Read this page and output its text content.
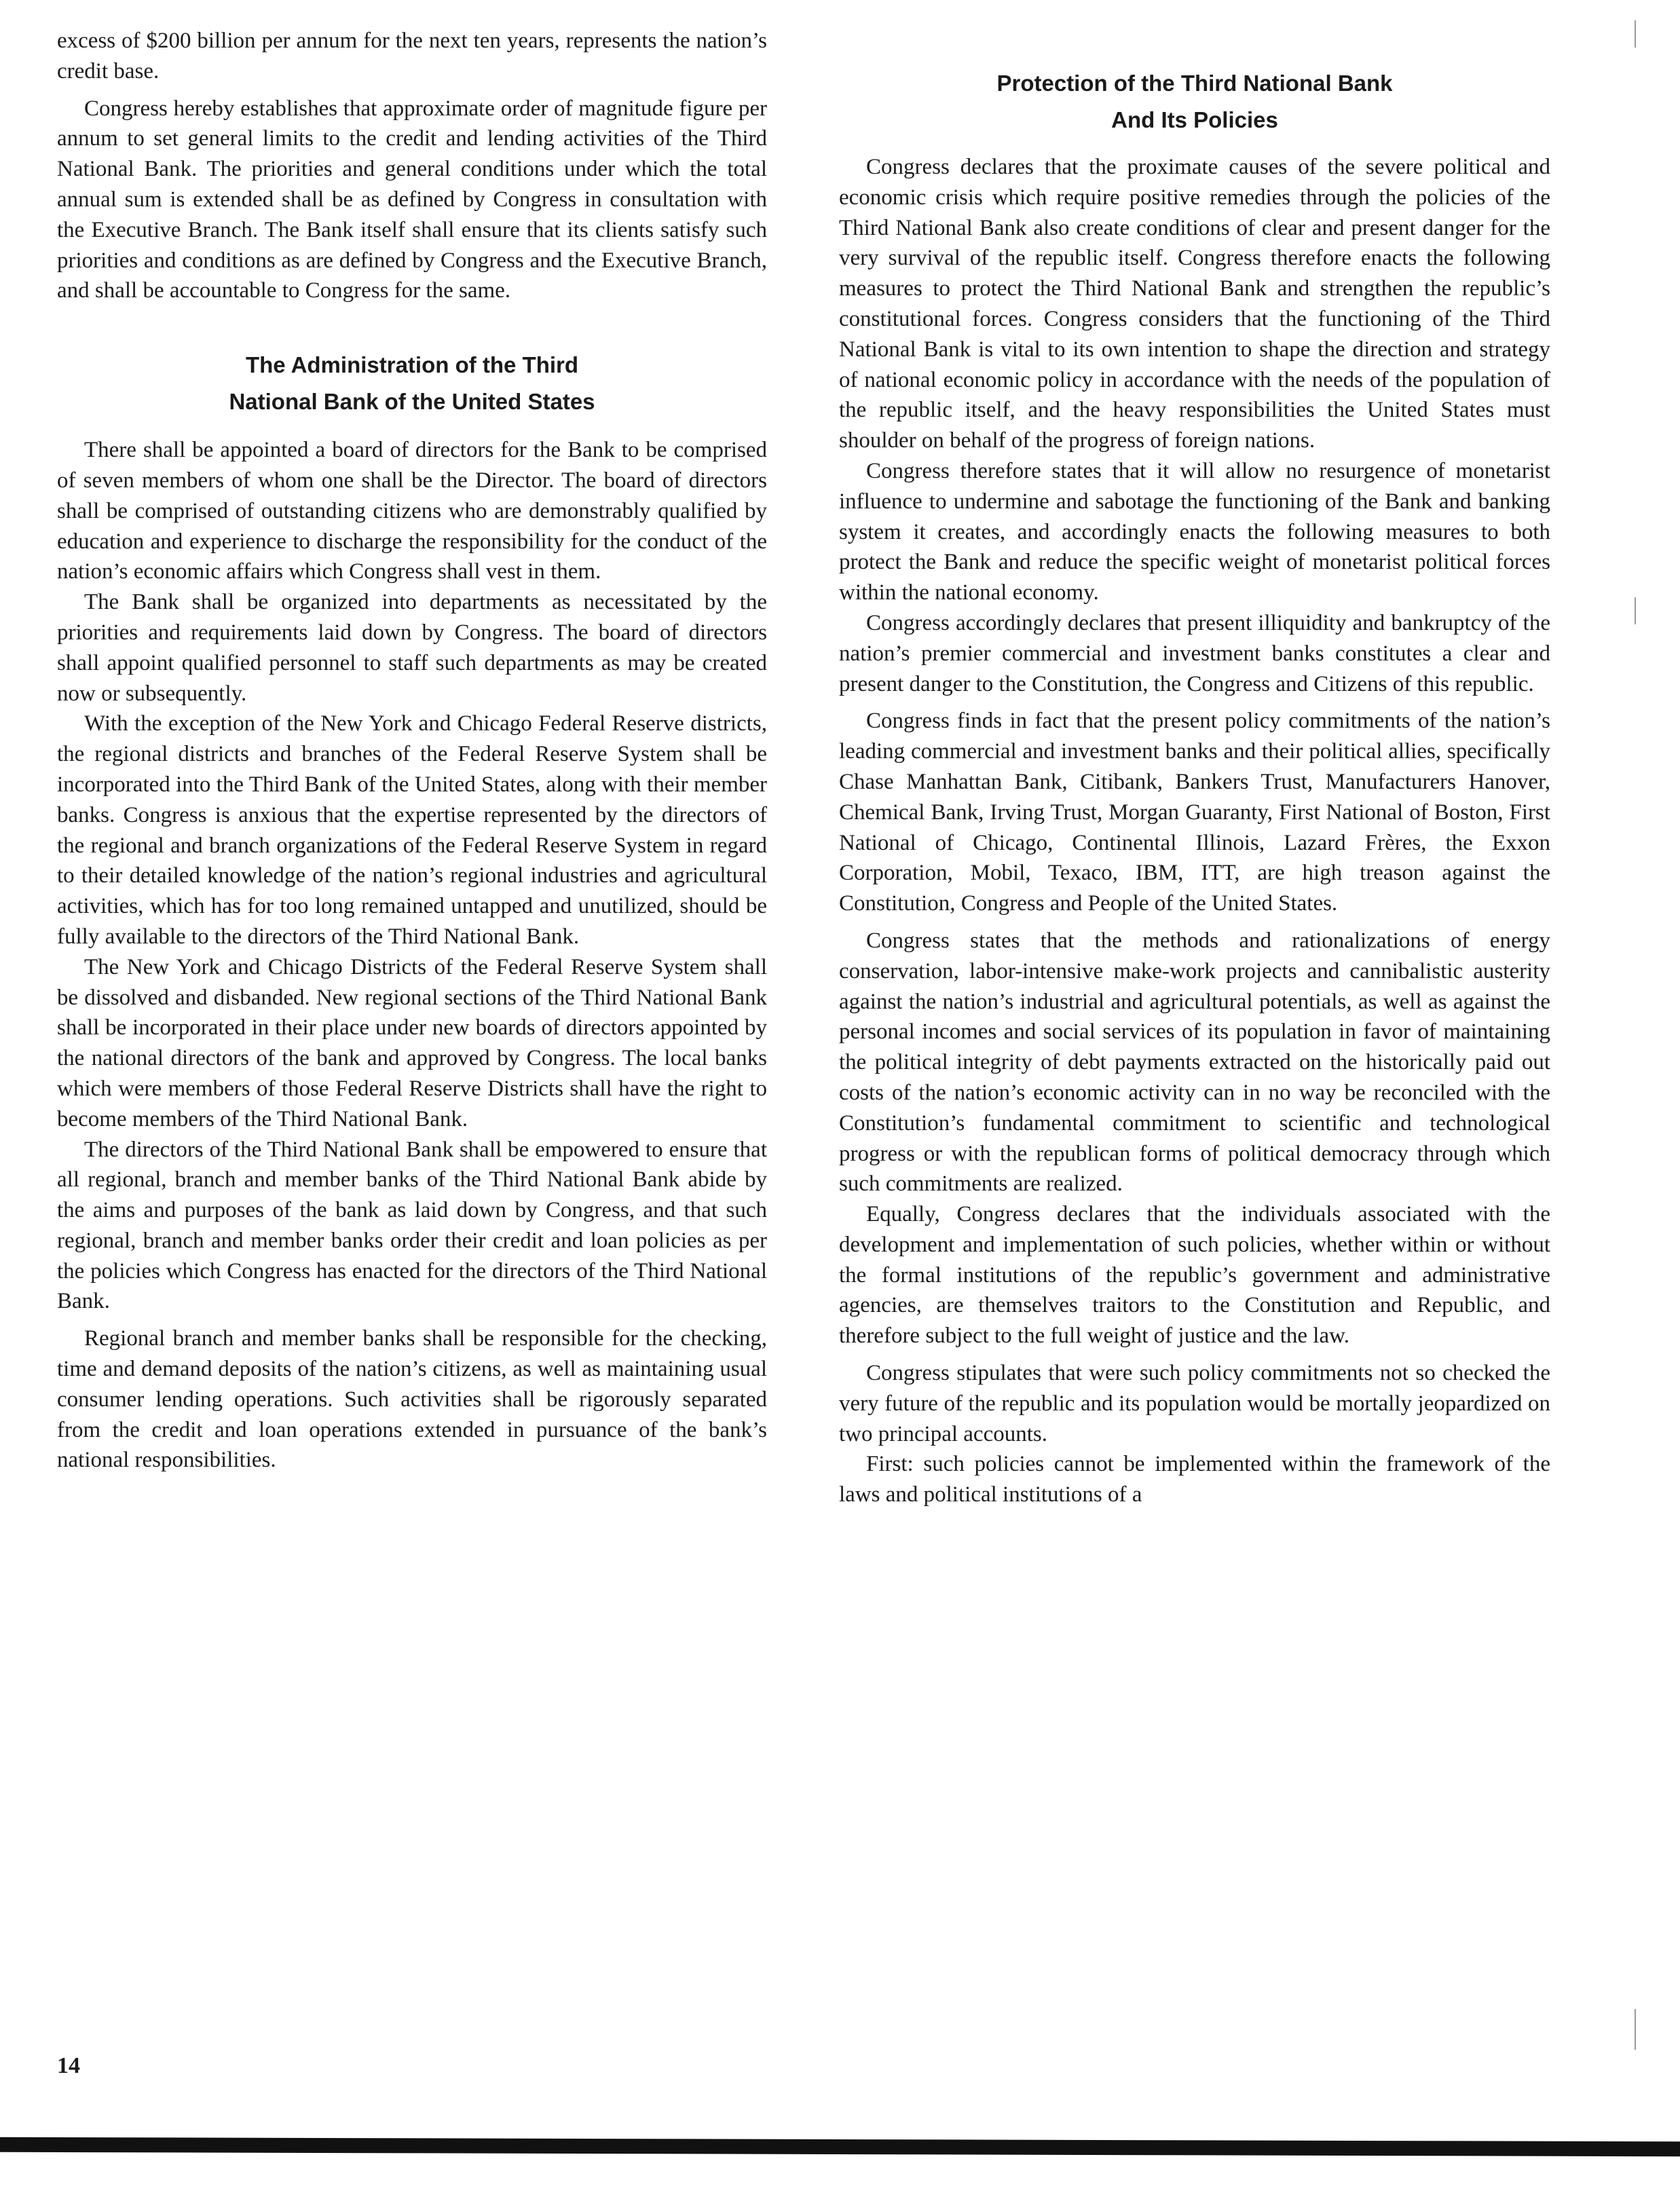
excess of $200 billion per annum for the next ten years, represents the nation’s credit base.

Congress hereby establishes that approximate order of magnitude figure per annum to set general limits to the credit and lending activities of the Third National Bank. The priorities and general conditions under which the total annual sum is extended shall be as defined by Congress in consultation with the Executive Branch. The Bank itself shall ensure that its clients satisfy such priorities and conditions as are defined by Congress and the Executive Branch, and shall be accountable to Congress for the same.

The Administration of the Third
National Bank of the United States

There shall be appointed a board of directors for the Bank to be comprised of seven members of whom one shall be the Director. The board of directors shall be comprised of outstanding citizens who are demonstrably qualified by education and experience to discharge the responsibility for the conduct of the nation’s economic affairs which Congress shall vest in them.

The Bank shall be organized into departments as necessitated by the priorities and requirements laid down by Congress. The board of directors shall appoint qualified personnel to staff such departments as may be created now or subsequently.

With the exception of the New York and Chicago Federal Reserve districts, the regional districts and branches of the Federal Reserve System shall be incorporated into the Third Bank of the United States, along with their member banks. Congress is anxious that the expertise represented by the directors of the regional and branch organizations of the Federal Reserve System in regard to their detailed knowledge of the nation’s regional industries and agricultural activities, which has for too long remained untapped and unutilized, should be fully available to the directors of the Third National Bank.

The New York and Chicago Districts of the Federal Reserve System shall be dissolved and disbanded. New regional sections of the Third National Bank shall be incorporated in their place under new boards of directors appointed by the national directors of the bank and approved by Congress. The local banks which were members of those Federal Reserve Districts shall have the right to become members of the Third National Bank.

The directors of the Third National Bank shall be empowered to ensure that all regional, branch and member banks of the Third National Bank abide by the aims and purposes of the bank as laid down by Congress, and that such regional, branch and member banks order their credit and loan policies as per the policies which Congress has enacted for the directors of the Third National Bank.

Regional branch and member banks shall be responsible for the checking, time and demand deposits of the nation’s citizens, as well as maintaining usual consumer lending operations. Such activities shall be rigorously separated from the credit and loan operations extended in pursuance of the bank’s national responsibilities.

Protection of the Third National Bank
And Its Policies

Congress declares that the proximate causes of the severe political and economic crisis which require positive remedies through the policies of the Third National Bank also create conditions of clear and present danger for the very survival of the republic itself. Congress therefore enacts the following measures to protect the Third National Bank and strengthen the republic’s constitutional forces. Congress considers that the functioning of the Third National Bank is vital to its own intention to shape the direction and strategy of national economic policy in accordance with the needs of the population of the republic itself, and the heavy responsibilities the United States must shoulder on behalf of the progress of foreign nations.

Congress therefore states that it will allow no resurgence of monetarist influence to undermine and sabotage the functioning of the Bank and banking system it creates, and accordingly enacts the following measures to both protect the Bank and reduce the specific weight of monetarist political forces within the national economy.

Congress accordingly declares that present illiquidity and bankruptcy of the nation’s premier commercial and investment banks constitutes a clear and present danger to the Constitution, the Congress and Citizens of this republic.

Congress finds in fact that the present policy commitments of the nation’s leading commercial and investment banks and their political allies, specifically Chase Manhattan Bank, Citibank, Bankers Trust, Manufacturers Hanover, Chemical Bank, Irving Trust, Morgan Guaranty, First National of Boston, First National of Chicago, Continental Illinois, Lazard Frères, the Exxon Corporation, Mobil, Texaco, IBM, ITT, are high treason against the Constitution, Congress and People of the United States.

Congress states that the methods and rationalizations of energy conservation, labor-intensive make-work projects and cannibalistic austerity against the nation’s industrial and agricultural potentials, as well as against the personal incomes and social services of its population in favor of maintaining the political integrity of debt payments extracted on the historically paid out costs of the nation’s economic activity can in no way be reconciled with the Constitution’s fundamental commitment to scientific and technological progress or with the republican forms of political democracy through which such commitments are realized.

Equally, Congress declares that the individuals associated with the development and implementation of such policies, whether within or without the formal institutions of the republic’s government and administrative agencies, are themselves traitors to the Constitution and Republic, and therefore subject to the full weight of justice and the law.

Congress stipulates that were such policy commitments not so checked the very future of the republic and its population would be mortally jeopardized on two principal accounts.

First: such policies cannot be implemented within the framework of the laws and political institutions of a

14
